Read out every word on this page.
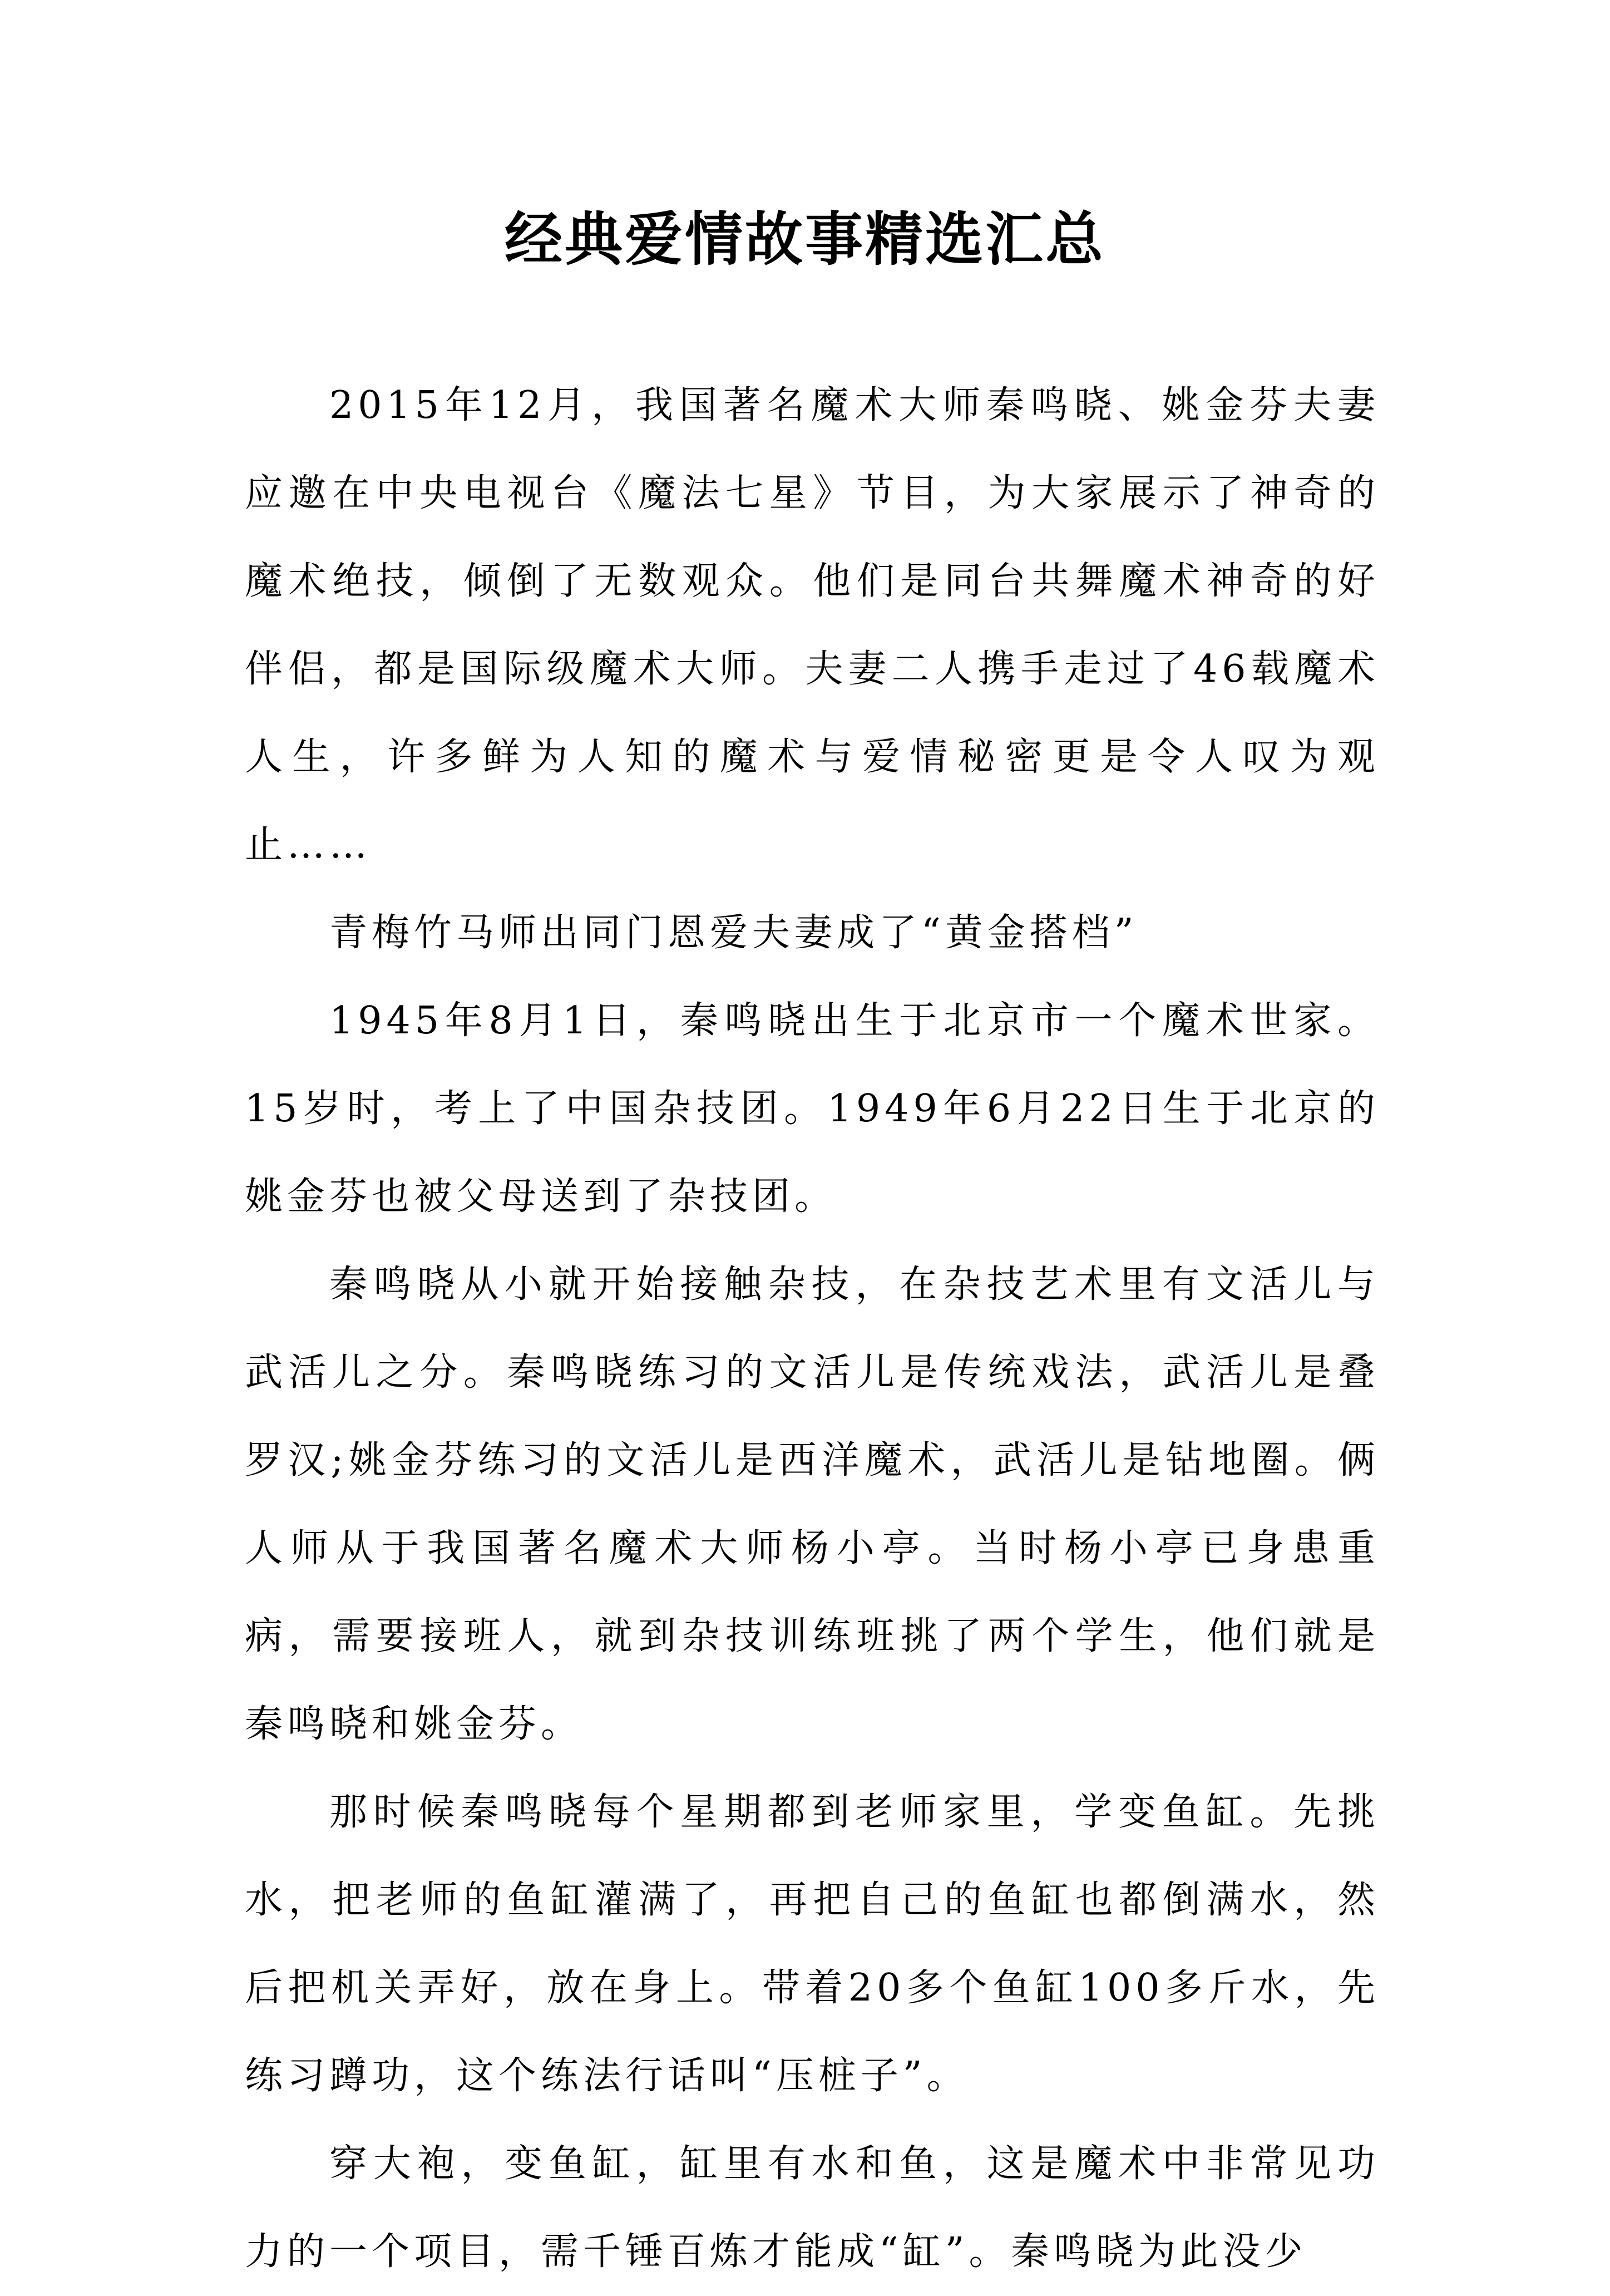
经典爱情故事精选汇总

2015年12月，我国著名魔术大师秦鸣晓、姚金芬夫妻应邀在中央电视台《魔法七星》节目，为大家展示了神奇的魔术绝技，倾倒了无数观众。他们是同台共舞魔术神奇的好伴侣，都是国际级魔术大师。夫妻二人携手走过了46载魔术人生，许多鲜为人知的魔术与爱情秘密更是令人叹为观止……

青梅竹马师出同门恩爱夫妻成了“黄金搭档”

1945年8月1日，秦鸣晓出生于北京市一个魔术世家。15岁时，考上了中国杂技团。1949年6月22日生于北京的姚金芬也被父母送到了杂技团。

秦鸣晓从小就开始接触杂技，在杂技艺术里有文活儿与武活儿之分。秦鸣晓练习的文活儿是传统戏法，武活儿是叠罗汉;姚金芬练习的文活儿是西洋魔术，武活儿是钻地圈。俩人师从于我国著名魔术大师杨小亭。当时杨小亭已身患重病，需要接班人，就到杂技训练班挑了两个学生，他们就是秦鸣晓和姚金芬。

那时候秦鸣晓每个星期都到老师家里，学变鱼缸。先挑水，把老师的鱼缸灌满了，再把自己的鱼缸也都倒满水，然后把机关弄好，放在身上。带着20多个鱼缸100多斤水，先练习蹲功，这个练法行话叫“压桩子”。

穿大袍，变鱼缸，缸里有水和鱼，这是魔术中非常见功力的一个项目，需千锤百炼才能成“缸”。秦鸣晓为此没少
